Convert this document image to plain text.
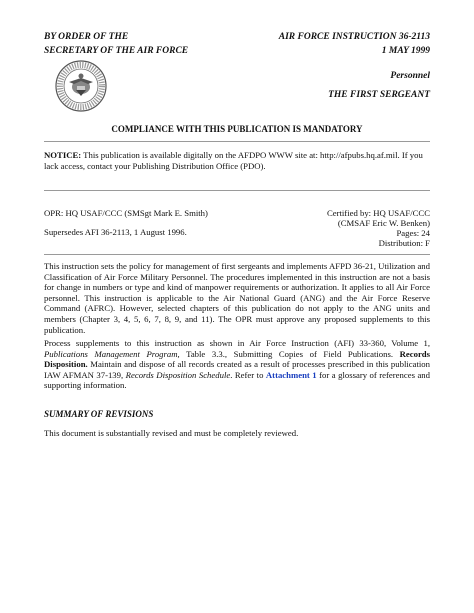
BY ORDER OF THE
SECRETARY OF THE AIR FORCE
AIR FORCE INSTRUCTION 36-2113
1 MAY 1999
Personnel
THE FIRST SERGEANT
COMPLIANCE WITH THIS PUBLICATION IS MANDATORY
NOTICE: This publication is available digitally on the AFDPO WWW site at: http://afpubs.hq.af.mil. If you lack access, contact your Publishing Distribution Office (PDO).
OPR: HQ USAF/CCC (SMSgt Mark E. Smith)
Supersedes AFI 36-2113, 1 August 1996.
Certified by: HQ USAF/CCC
(CMSAF Eric W. Benken)
Pages: 24
Distribution: F
This instruction sets the policy for management of first sergeants and implements AFPD 36-21, Utilization and Classification of Air Force Military Personnel. The procedures implemented in this instruction are not a basis for change in numbers or type and kind of manpower requirements or authorization. It applies to all Air Force personnel. This instruction is applicable to the Air National Guard (ANG) and the Air Force Reserve Command (AFRC). However, selected chapters of this publication do not apply to the ANG units and members (Chapter 3, 4, 5, 6, 7, 8, 9, and 11). The OPR must approve any proposed supplements to this publication.
Process supplements to this instruction as shown in Air Force Instruction (AFI) 33-360, Volume 1, Publications Management Program, Table 3.3., Submitting Copies of Field Publications. Records Disposition. Maintain and dispose of all records created as a result of processes prescribed in this publication IAW AFMAN 37-139, Records Disposition Schedule. Refer to Attachment 1 for a glossary of references and supporting information.
SUMMARY OF REVISIONS
This document is substantially revised and must be completely reviewed.
